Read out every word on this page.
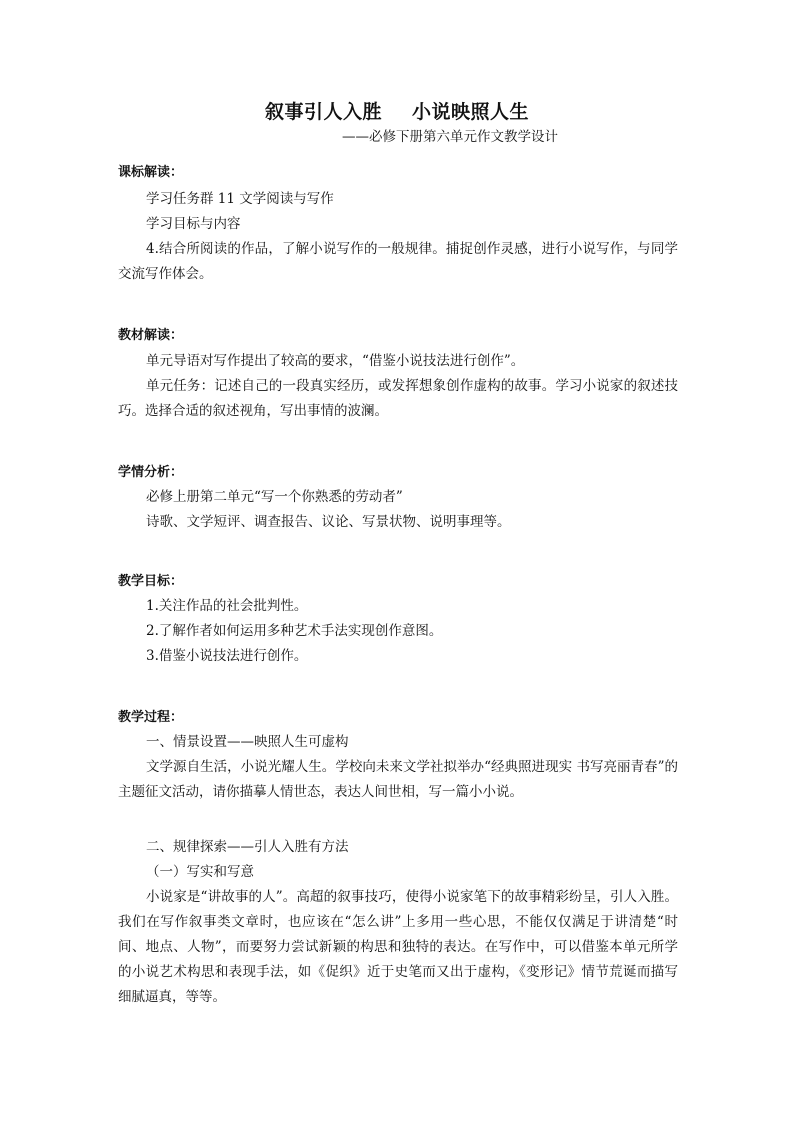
叙事引人入胜 小说映照人生
——必修下册第六单元作文教学设计
课标解读：

学习任务群 11 文学阅读与写作

学习目标与内容

4.结合所阅读的作品，了解小说写作的一般规律。捕捉创作灵感，进行小说写作，与同学交流写作体会。

教材解读：

单元导语对写作提出了较高的要求，“借鉴小说技法进行创作”。

单元任务：记述自己的一段真实经历，或发挥想象创作虚构的故事。学习小说家的叙述技巧。选择合适的叙述视角，写出事情的波澜。

学情分析：

必修上册第二单元“写一个你熟悉的劳动者”

诗歌、文学短评、调查报告、议论、写景状物、说明事理等。

教学目标：

1.关注作品的社会批判性。

2.了解作者如何运用多种艺术手法实现创作意图。

3.借鉴小说技法进行创作。

教学过程：

一、情景设置——映照人生可虚构

文学源自生活，小说光耀人生。学校向未来文学社拟举办“经典照进现实 书写亮丽青春”的主题征文活动，请你描摹人情世态，表达人间世相，写一篇小小说。

二、规律探索——引人入胜有方法

（一）写实和写意

小说家是“讲故事的人”。高超的叙事技巧，使得小说家笔下的故事精彩纷呈，引人入胜。我们在写作叙事类文章时，也应该在“怎么讲”上多用一些心思，不能仅仅满足于讲清楚“时间、地点、人物”，而要努力尝试新颖的构思和独特的表达。在写作中，可以借鉴本单元所学的小说艺术构思和表现手法，如《促织》近于史笔而又出于虚构，《变形记》情节荒诞而描写细腻逼真，等等。
